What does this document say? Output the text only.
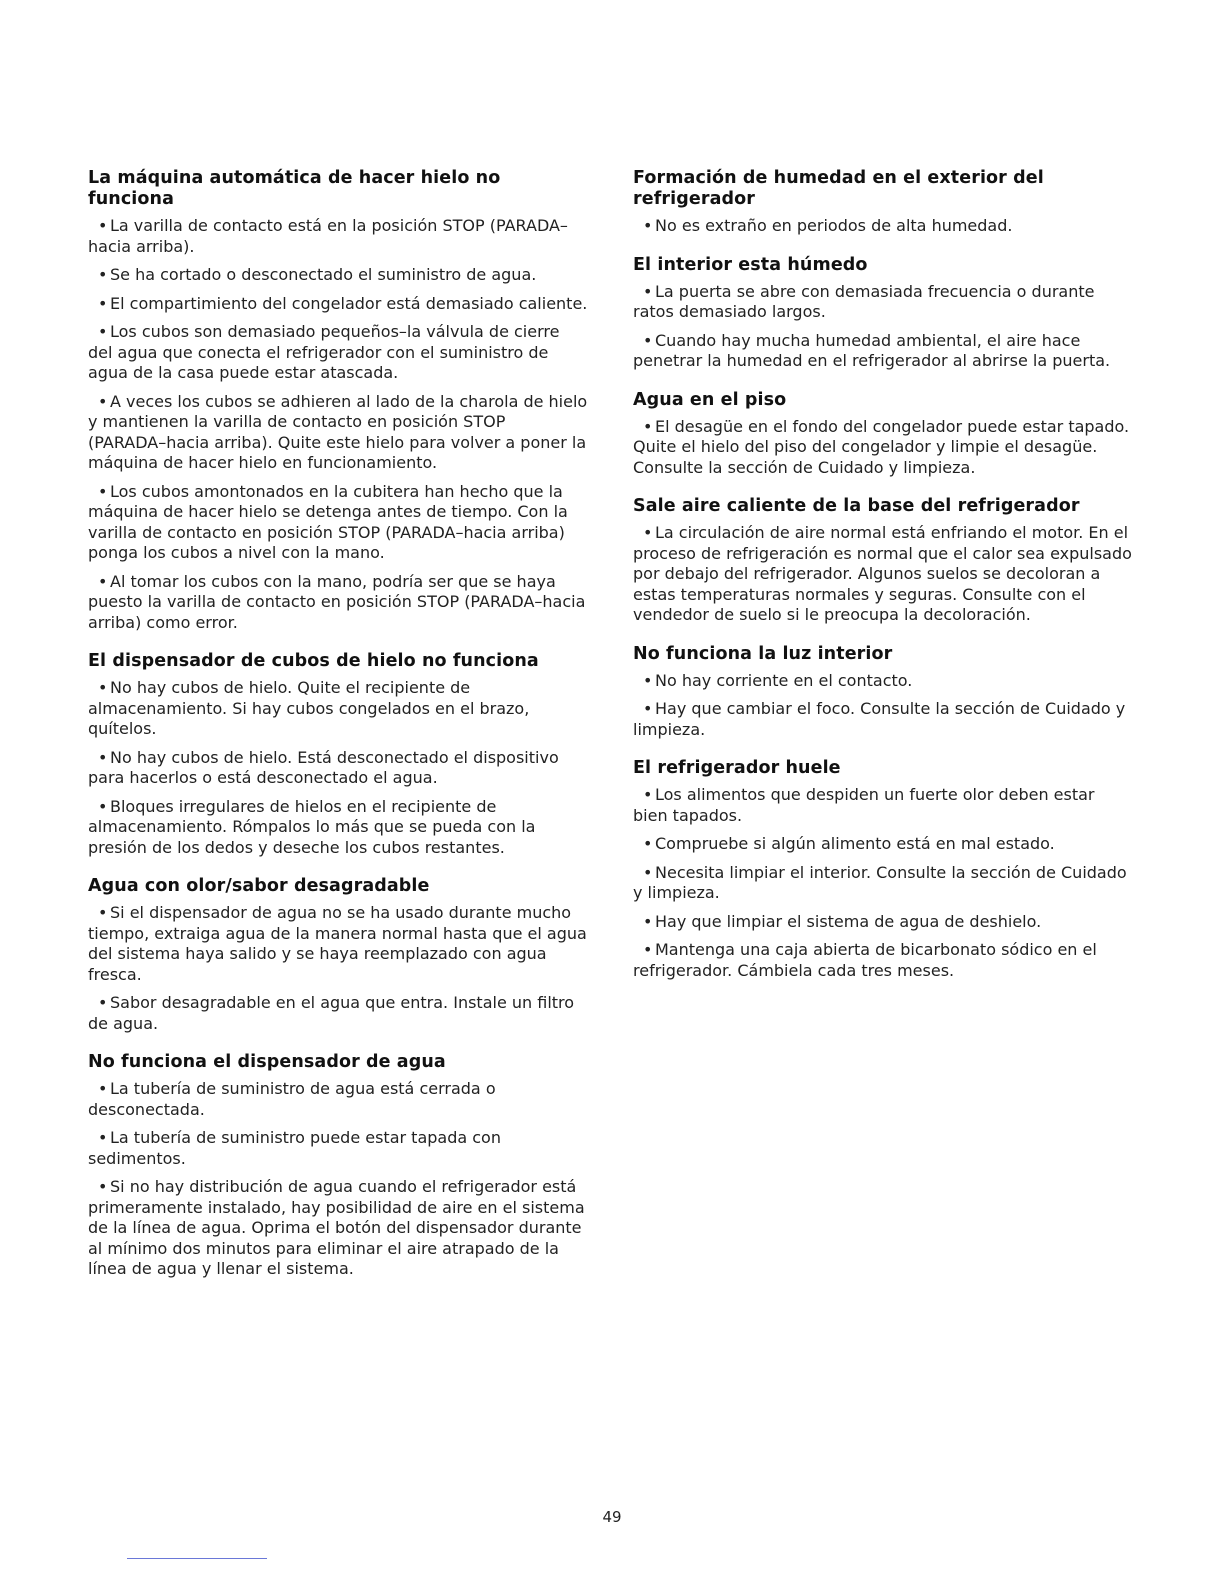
La máquina automática de hacer hielo no funciona

• La varilla de contacto está en la posición STOP (PARADA–hacia arriba).

• Se ha cortado o desconectado el suministro de agua.

• El compartimiento del congelador está demasiado caliente.

• Los cubos son demasiado pequeños–la válvula de cierre del agua que conecta el refrigerador con el suministro de agua de la casa puede estar atascada.

• A veces los cubos se adhieren al lado de la charola de hielo y mantienen la varilla de contacto en posición STOP (PARADA–hacia arriba). Quite este hielo para volver a poner la máquina de hacer hielo en funcionamiento.

• Los cubos amontonados en la cubitera han hecho que la máquina de hacer hielo se detenga antes de tiempo. Con la varilla de contacto en posición STOP (PARADA–hacia arriba) ponga los cubos a nivel con la mano.

• Al tomar los cubos con la mano, podría ser que se haya puesto la varilla de contacto en posición STOP (PARADA–hacia arriba) como error.

El dispensador de cubos de hielo no funciona

• No hay cubos de hielo. Quite el recipiente de almacenamiento. Si hay cubos congelados en el brazo, quítelos.

• No hay cubos de hielo. Está desconectado el dispositivo para hacerlos o está desconectado el agua.

• Bloques irregulares de hielos en el recipiente de almacenamiento. Rómpalos lo más que se pueda con la presión de los dedos y deseche los cubos restantes.

Agua con olor/sabor desagradable

• Si el dispensador de agua no se ha usado durante mucho tiempo, extraiga agua de la manera normal hasta que el agua del sistema haya salido y se haya reemplazado con agua fresca.

• Sabor desagradable en el agua que entra. Instale un filtro de agua.

No funciona el dispensador de agua

• La tubería de suministro de agua está cerrada o desconectada.

• La tubería de suministro puede estar tapada con sedimentos.

• Si no hay distribución de agua cuando el refrigerador está primeramente instalado, hay posibilidad de aire en el sistema de la línea de agua. Oprima el botón del dispensador durante al mínimo dos minutos para eliminar el aire atrapado de la línea de agua y llenar el sistema.

Formación de humedad en el exterior del refrigerador

• No es extraño en periodos de alta humedad.

El interior esta húmedo

• La puerta se abre con demasiada frecuencia o durante ratos demasiado largos.

• Cuando hay mucha humedad ambiental, el aire hace penetrar la humedad en el refrigerador al abrirse la puerta.

Agua en el piso

• El desagüe en el fondo del congelador puede estar tapado. Quite el hielo del piso del congelador y limpie el desagüe. Consulte la sección de Cuidado y limpieza.

Sale aire caliente de la base del refrigerador

• La circulación de aire normal está enfriando el motor. En el proceso de refrigeración es normal que el calor sea expulsado por debajo del refrigerador. Algunos suelos se decoloran a estas temperaturas normales y seguras. Consulte con el vendedor de suelo si le preocupa la decoloración.

No funciona la luz interior

• No hay corriente en el contacto.

• Hay que cambiar el foco. Consulte la sección de Cuidado y limpieza.

El refrigerador huele

• Los alimentos que despiden un fuerte olor deben estar bien tapados.

• Compruebe si algún alimento está en mal estado.

• Necesita limpiar el interior. Consulte la sección de Cuidado y limpieza.

• Hay que limpiar el sistema de agua de deshielo.

• Mantenga una caja abierta de bicarbonato sódico en el refrigerador. Cámbiela cada tres meses.

49
